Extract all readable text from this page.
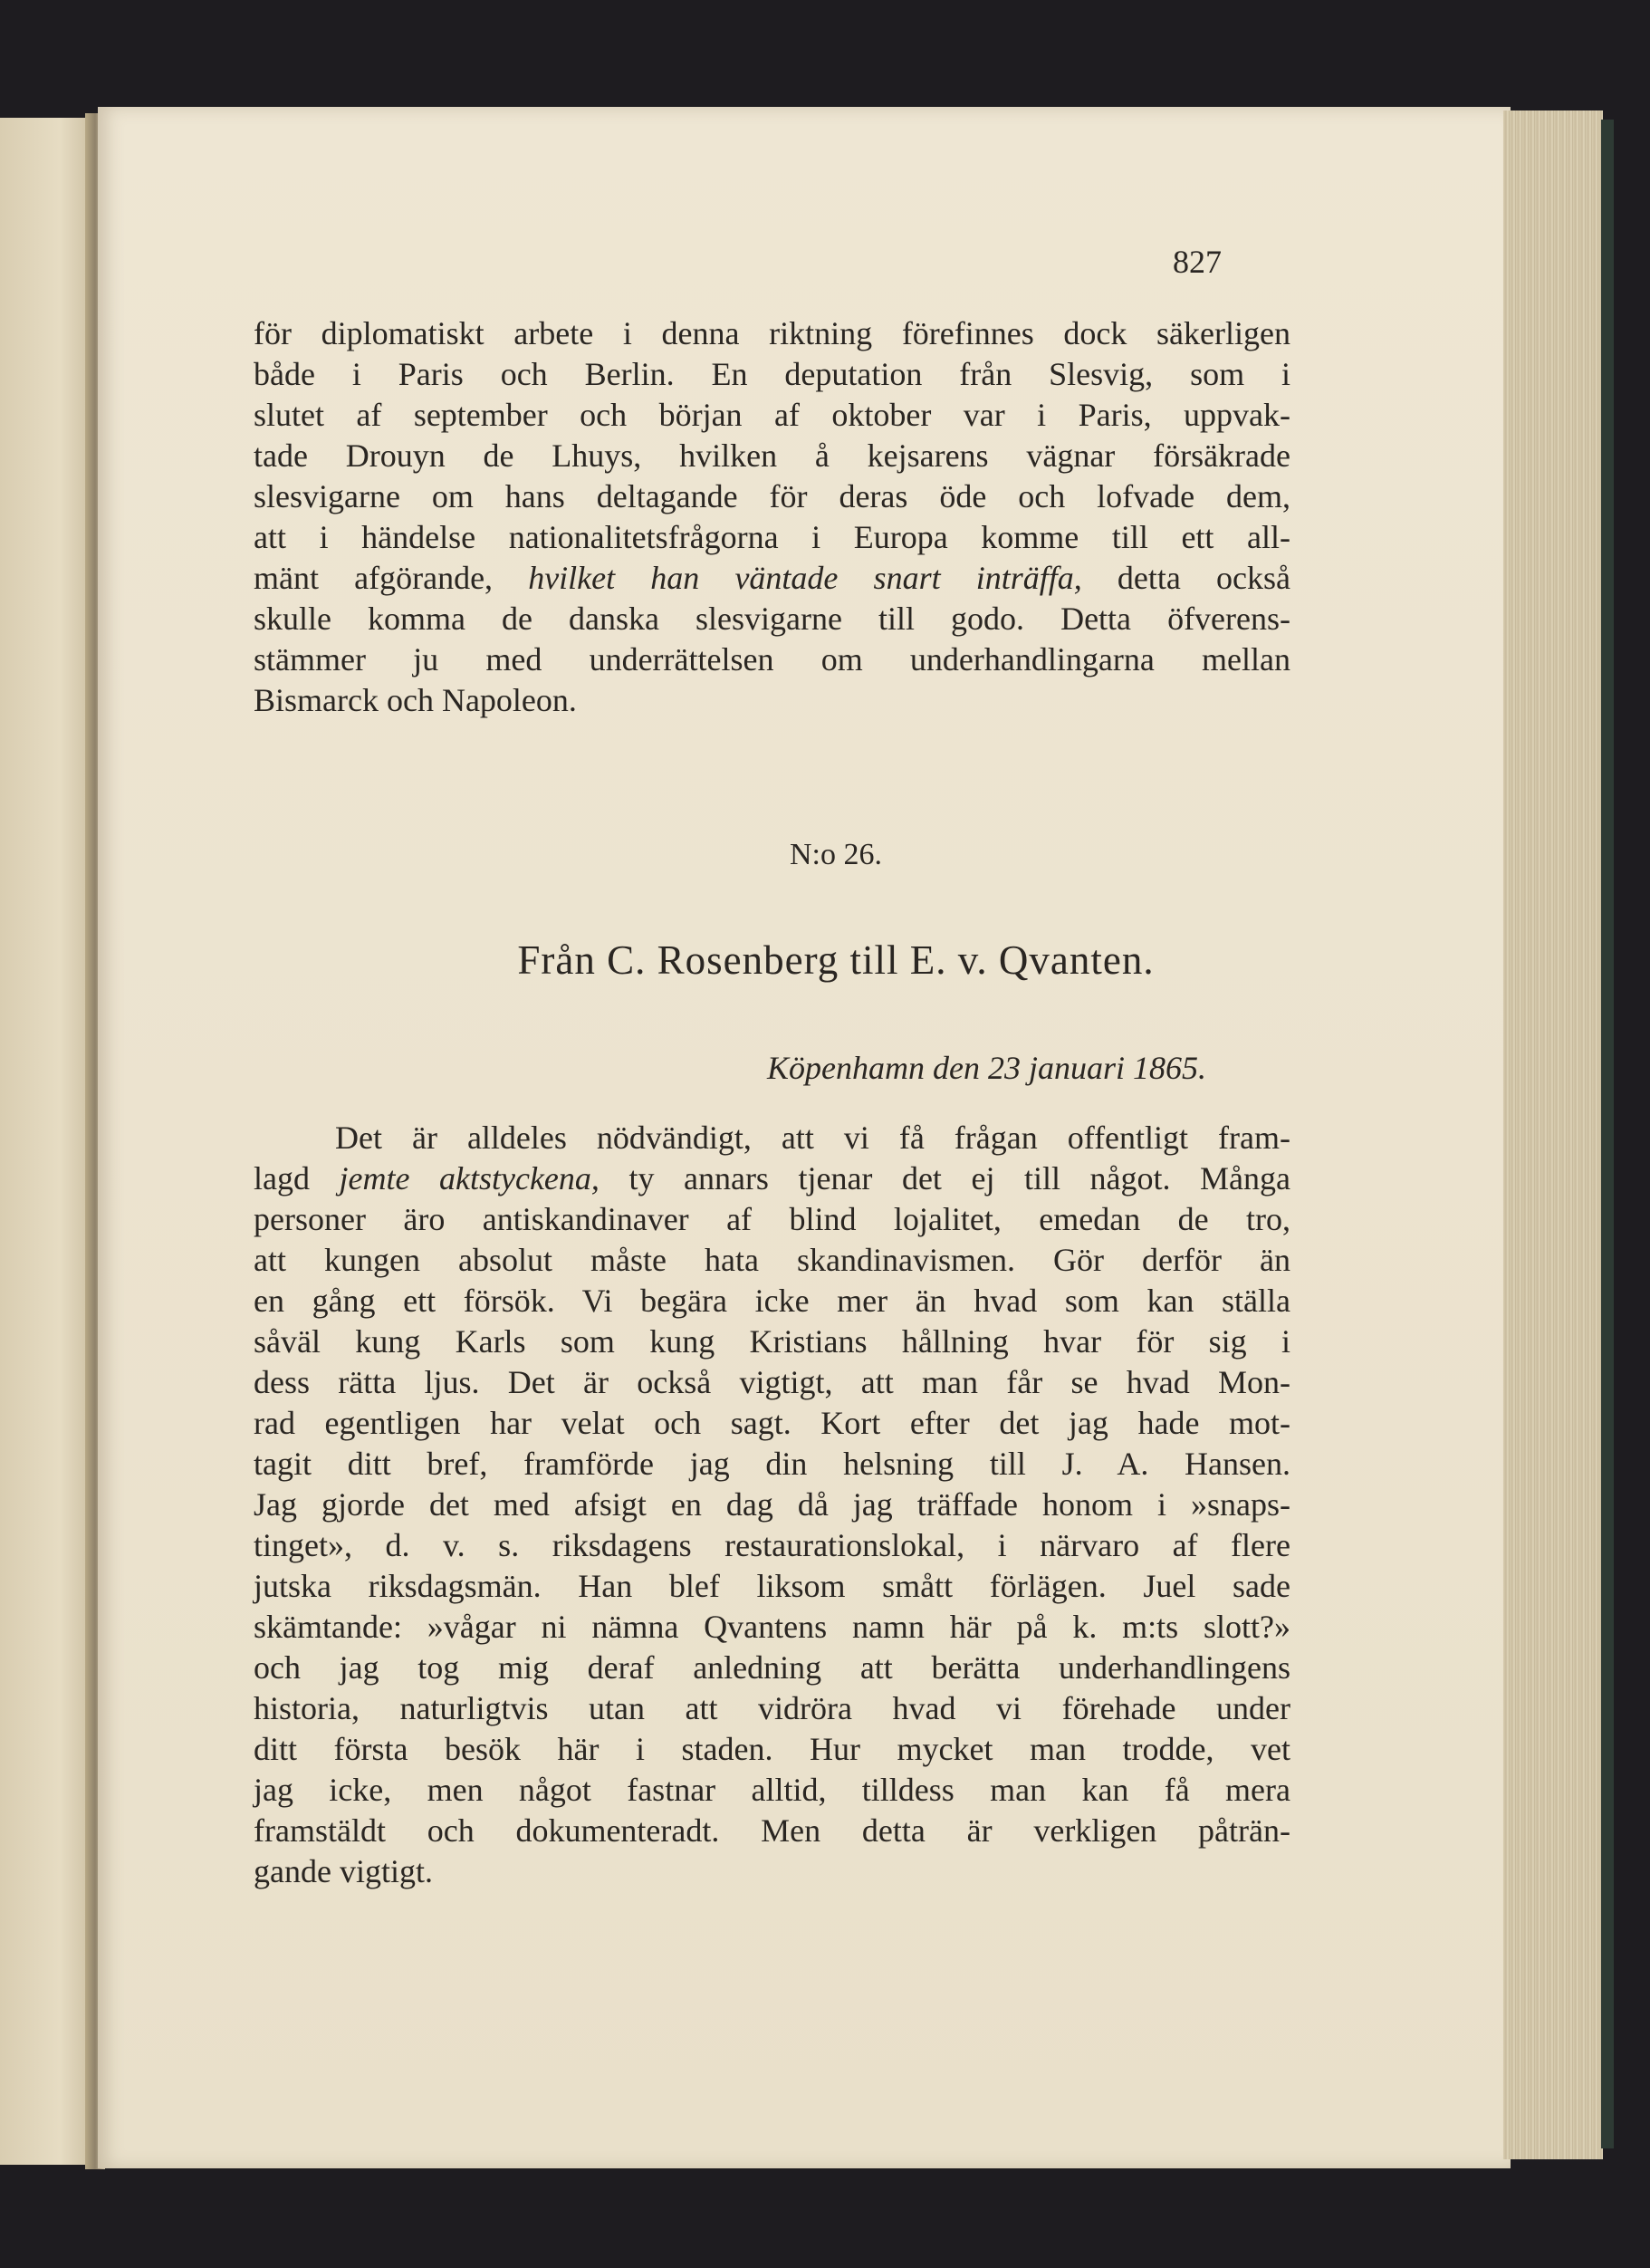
827
för diplomatiskt arbete i denna riktning förefinnes dock säkerligen
både i Paris och Berlin. En deputation från Slesvig, som i
slutet af september och början af oktober var i Paris, uppvak-
tade Drouyn de Lhuys, hvilken å kejsarens vägnar försäkrade
slesvigarne om hans deltagande för deras öde och lofvade dem,
att i händelse nationalitetsfrågorna i Europa komme till ett all-
mänt afgörande, hvilket han väntade snart inträffa, detta också
skulle komma de danska slesvigarne till godo. Detta öfverens-
stämmer ju med underrättelsen om underhandlingarna mellan
Bismarck och Napoleon.
N:o 26.
Från C. Rosenberg till E. v. Qvanten.
Köpenhamn den 23 januari 1865.
Det är alldeles nödvändigt, att vi få frågan offentligt fram-
lagd jemte aktstyckena, ty annars tjenar det ej till något. Många
personer äro antiskandinaver af blind lojalitet, emedan de tro,
att kungen absolut måste hata skandinavismen. Gör derför än
en gång ett försök. Vi begära icke mer än hvad som kan ställa
såväl kung Karls som kung Kristians hållning hvar för sig i
dess rätta ljus. Det är också vigtigt, att man får se hvad Mon-
rad egentligen har velat och sagt. Kort efter det jag hade mot-
tagit ditt bref, framförde jag din helsning till J. A. Hansen.
Jag gjorde det med afsigt en dag då jag träffade honom i »snaps-
tinget», d. v. s. riksdagens restaurationslokal, i närvaro af flere
jutska riksdagsmän. Han blef liksom smått förlägen. Juel sade
skämtande: »vågar ni nämna Qvantens namn här på k. m:ts slott?»
och jag tog mig deraf anledning att berätta underhandlingens
historia, naturligtvis utan att vidröra hvad vi förehade under
ditt första besök här i staden. Hur mycket man trodde, vet
jag icke, men något fastnar alltid, tilldess man kan få mera
framstäldt och dokumenteradt. Men detta är verkligen påträn-
gande vigtigt.
